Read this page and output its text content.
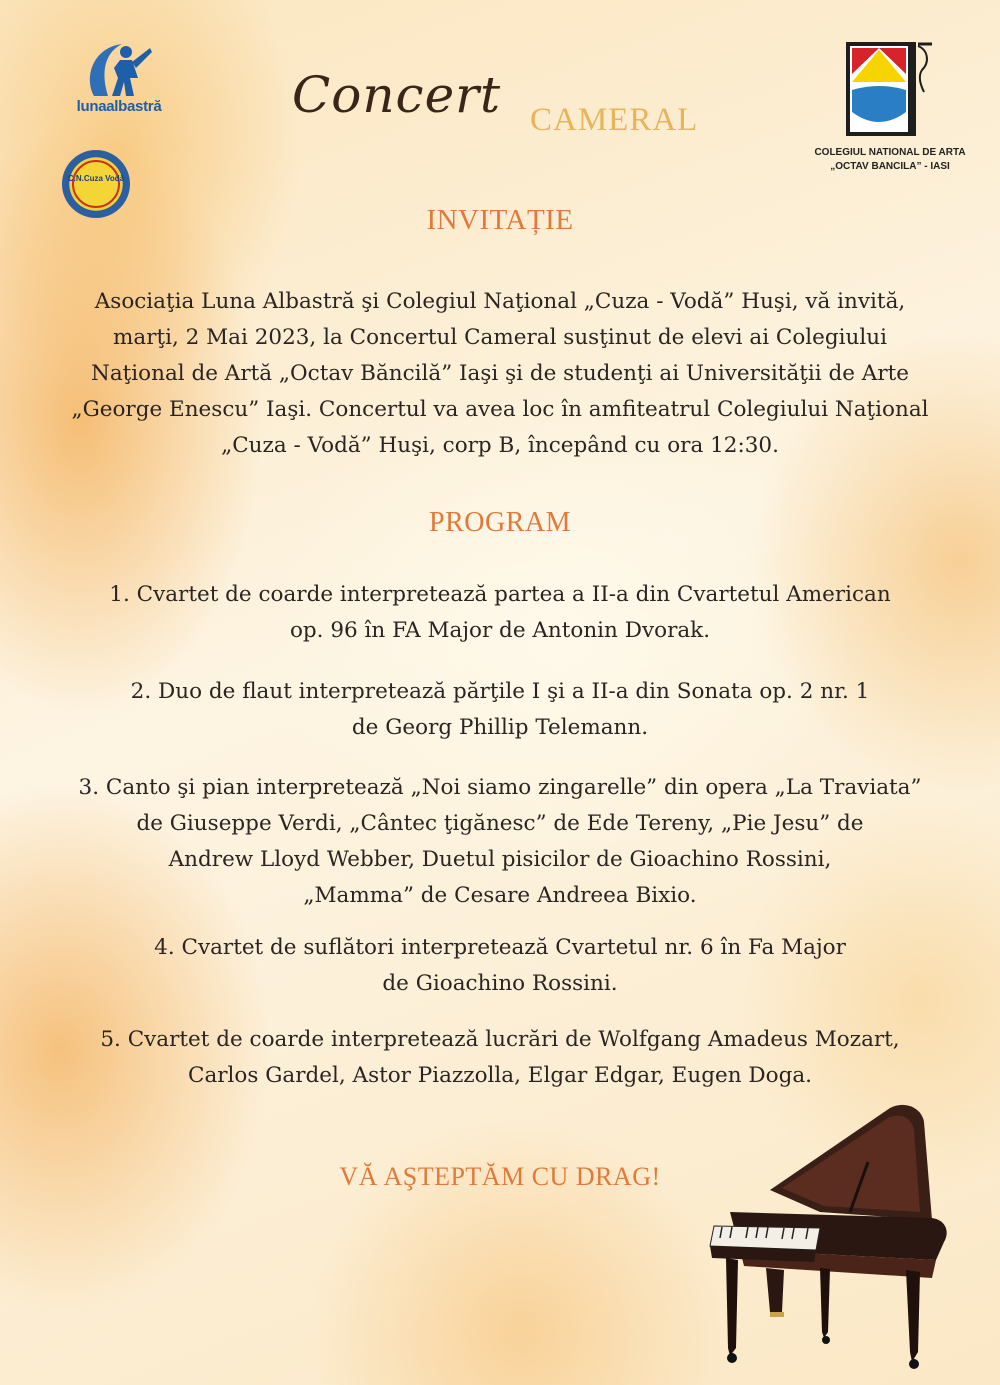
lunaalbastră
C.N.Cuza Vodă
Concert CAMERAL
COLEGIUL NATIONAL DE ARTA
„OCTAV BANCILA” - IASI
INVITAȚIE
Asociaţia Luna Albastră şi Colegiul Naţional „Cuza - Vodă” Huşi, vă invită,
marţi, 2 Mai 2023, la Concertul Cameral susţinut de elevi ai Colegiului
Naţional de Artă „Octav Băncilă” Iaşi şi de studenţi ai Universităţii de Arte
„George Enescu” Iaşi. Concertul va avea loc în amfiteatrul Colegiului Naţional
„Cuza - Vodă” Huşi, corp B, începând cu ora 12:30.
PROGRAM
1. Cvartet de coarde interpretează partea a II-a din Cvartetul American
op. 96 în FA Major de Antonin Dvorak.
2. Duo de flaut interpretează părţile I şi a II-a din Sonata op. 2 nr. 1
de Georg Phillip Telemann.
3. Canto şi pian interpretează „Noi siamo zingarelle” din opera „La Traviata”
de Giuseppe Verdi, „Cântec ţigănesc” de Ede Tereny, „Pie Jesu” de
Andrew Lloyd Webber, Duetul pisicilor de Gioachino Rossini,
„Mamma” de Cesare Andreea Bixio.
4. Cvartet de suflători interpretează Cvartetul nr. 6 în Fa Major
de Gioachino Rossini.
5. Cvartet de coarde interpretează lucrări de Wolfgang Amadeus Mozart,
Carlos Gardel, Astor Piazzolla, Elgar Edgar, Eugen Doga.
VĂ AŞTEPTĂM CU DRAG!
